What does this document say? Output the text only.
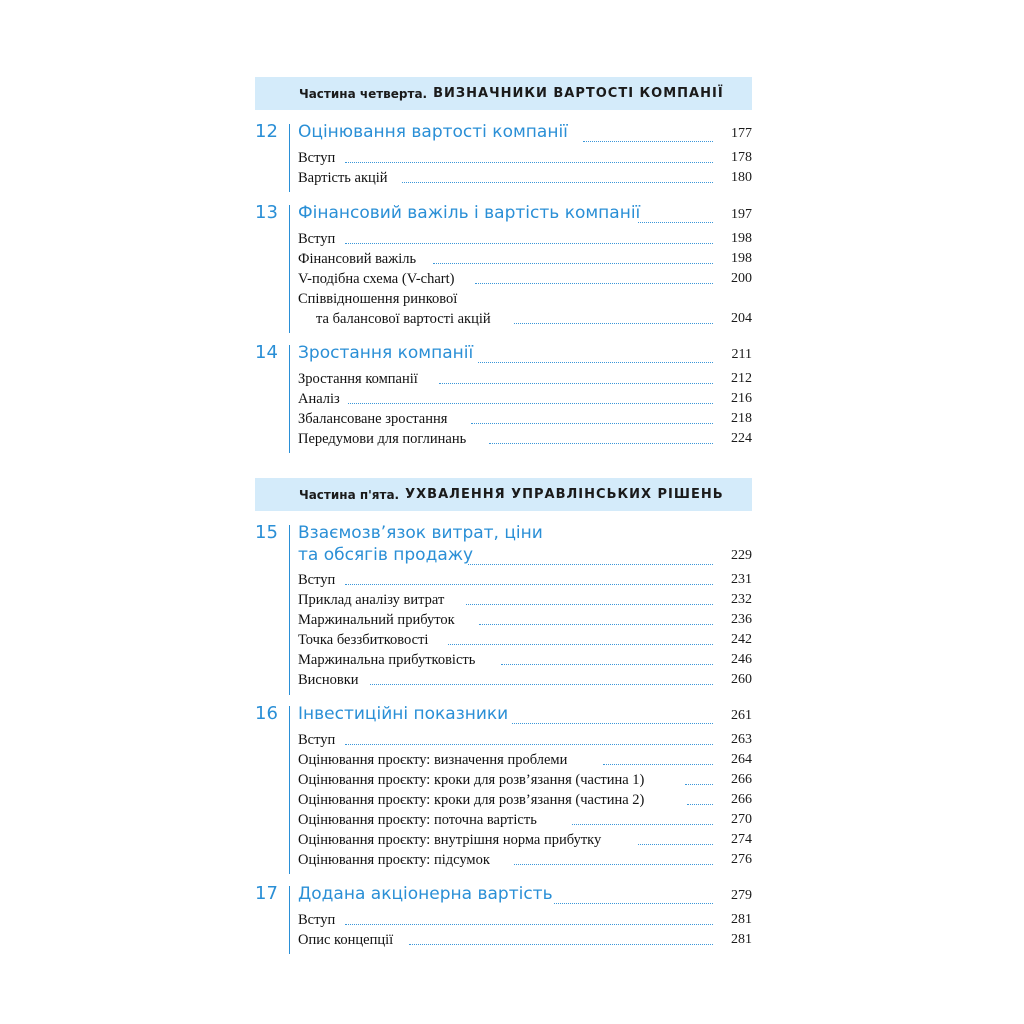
Частина четверта. ВИЗНАЧНИКИ ВАРТОСТІ КОМПАНІЇ
12 Оцінювання вартості компанії	177
Вступ	178
Вартість акцій	180
13 Фінансовий важіль і вартість компанії	197
Вступ	198
Фінансовий важіль	198
V-подібна схема (V-chart)	200
Співвідношення ринкової
та балансової вартості акцій	204
14 Зростання компанії	211
Зростання компанії	212
Аналіз	216
Збалансоване зростання	218
Передумови для поглинань	224
Частина п'ята. УХВАЛЕННЯ УПРАВЛІНСЬКИХ РІШЕНЬ
15 Взаємозв’язок витрат, ціни
та обсягів продажу	229
Вступ	231
Приклад аналізу витрат	232
Маржинальний прибуток	236
Точка беззбитковості	242
Маржинальна прибутковість	246
Висновки	260
16 Інвестиційні показники	261
Вступ	263
Оцінювання проєкту: визначення проблеми	264
Оцінювання проєкту: кроки для розв’язання (частина 1)	266
Оцінювання проєкту: кроки для розв’язання (частина 2)	266
Оцінювання проєкту: поточна вартість	270
Оцінювання проєкту: внутрішня норма прибутку	274
Оцінювання проєкту: підсумок	276
17 Додана акціонерна вартість	279
Вступ	281
Опис концепції	281
